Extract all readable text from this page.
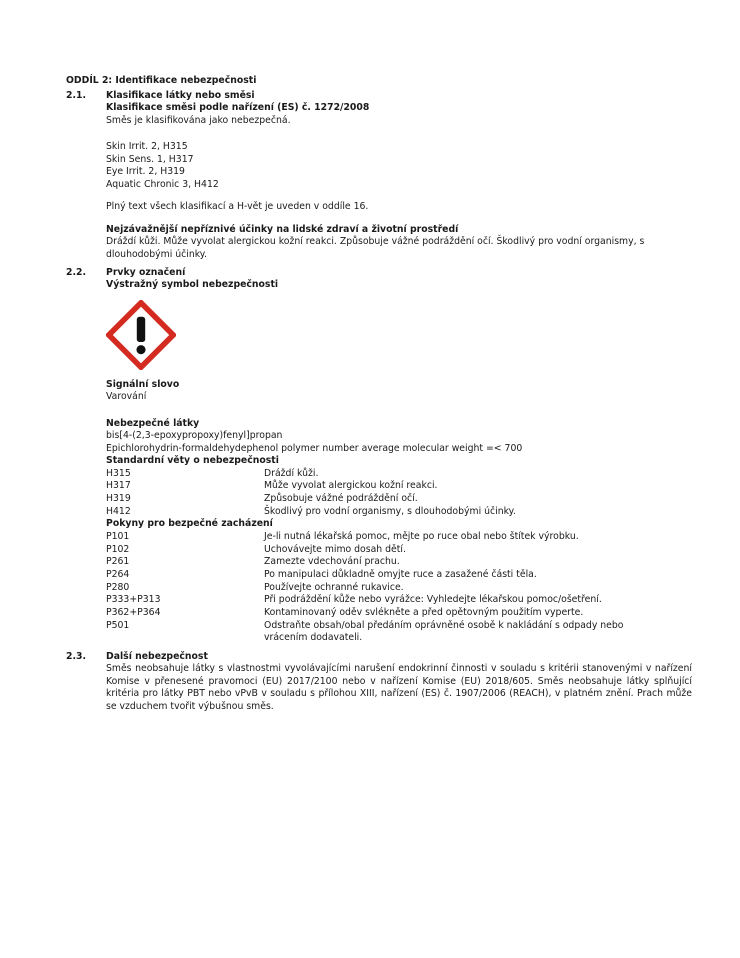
ODDÍL 2: Identifikace nebezpečnosti
2.1.	Klasifikace látky nebo směsi
Klasifikace směsi podle nařízení (ES) č. 1272/2008
Směs je klasifikována jako nebezpečná.
Skin Irrit. 2, H315
Skin Sens. 1, H317
Eye Irrit. 2, H319
Aquatic Chronic 3, H412
Plný text všech klasifikací a H-vět je uveden v oddíle 16.
Nejzávažnější nepříznivé účinky na lidské zdraví a životní prostředí
Dráždí kůži. Může vyvolat alergickou kožní reakci. Způsobuje vážné podráždění očí. Škodlivý pro vodní organismy, s
dlouhodobými účinky.
2.2.	Prvky označení
Výstražný symbol nebezpečnosti
Signální slovo
Varování
Nebezpečné látky
bis[4-(2,3-epoxypropoxy)fenyl]propan
Epichlorohydrin-formaldehydephenol polymer number average molecular weight =< 700
Standardní věty o nebezpečnosti
H315	Dráždí kůži.
H317	Může vyvolat alergickou kožní reakci.
H319	Způsobuje vážné podráždění očí.
H412	Škodlivý pro vodní organismy, s dlouhodobými účinky.
Pokyny pro bezpečné zacházení
P101	Je-li nutná lékařská pomoc, mějte po ruce obal nebo štítek výrobku.
P102	Uchovávejte mimo dosah dětí.
P261	Zamezte vdechování prachu.
P264	Po manipulaci důkladně omyjte ruce a zasažené části těla.
P280	Používejte ochranné rukavice.
P333+P313	Při podráždění kůže nebo vyrážce: Vyhledejte lékařskou pomoc/ošetření.
P362+P364	Kontaminovaný oděv svlékněte a před opětovným použitím vyperte.
P501	Odstraňte obsah/obal předáním oprávněné osobě k nakládání s odpady nebo
vrácením dodavateli.
2.3.	Další nebezpečnost
Směs neobsahuje látky s vlastnostmi vyvolávajícími narušení endokrinní činnosti v souladu s kritérii stanovenými v nařízení Komise v přenesené pravomoci (EU) 2017/2100 nebo v nařízení Komise (EU) 2018/605. Směs neobsahuje látky splňující kritéria pro látky PBT nebo vPvB v souladu s přílohou XIII, nařízení (ES) č. 1907/2006 (REACH), v platném znění. Prach může se vzduchem tvořit výbušnou směs.
